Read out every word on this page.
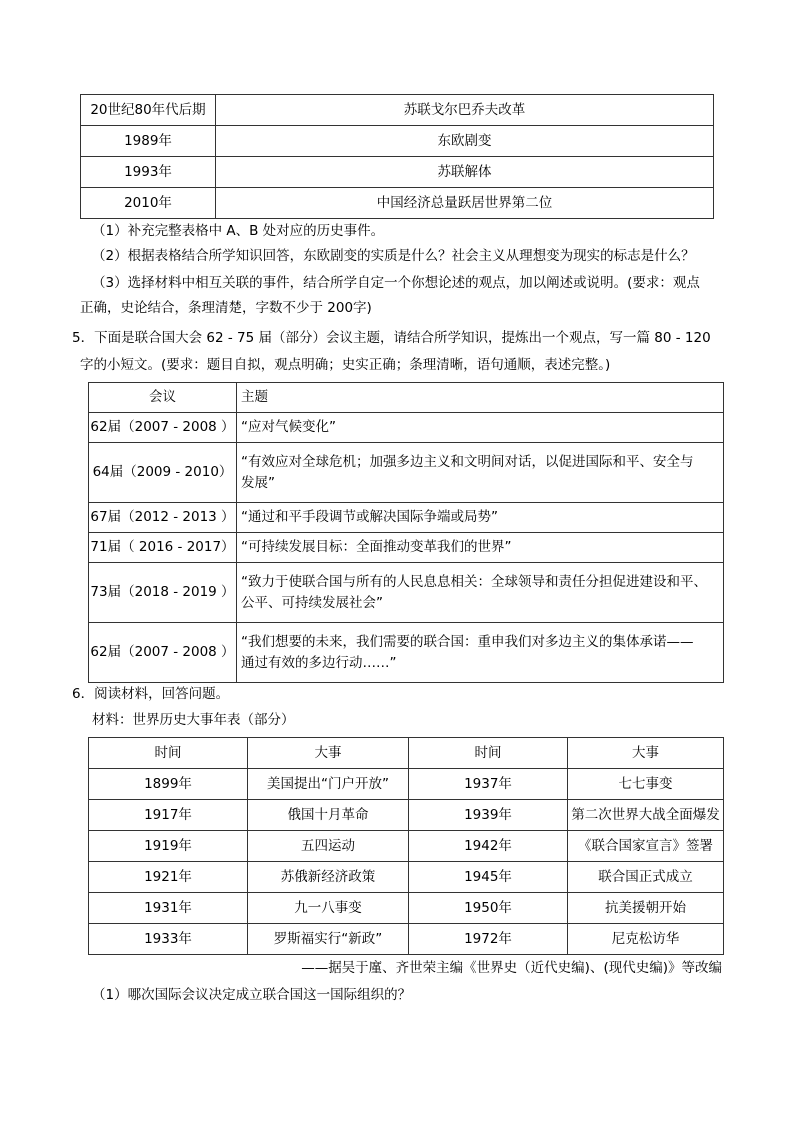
20世纪80年代后期	苏联戈尔巴乔夫改革
1989年	东欧剧变
1993年	苏联解体
2010年	中国经济总量跃居世界第二位

（1）补充完整表格中 A、B 处对应的历史事件。

（2）根据表格结合所学知识回答，东欧剧变的实质是什么？社会主义从理想变为现实的标志是什么？

（3）选择材料中相互关联的事件，结合所学自定一个你想论述的观点，加以阐述或说明。(要求：观点

正确，史论结合，条理清楚，字数不少于 200字)

5．下面是联合国大会 62 - 75 届（部分）会议主题，请结合所学知识，提炼出一个观点，写一篇 80 - 120

字的小短文。(要求：题目自拟，观点明确；史实正确；条理清晰，语句通顺，表述完整。)

会议	主题
62届（2007 - 2008 ）	“应对气候变化”
64届（2009 - 2010）	“有效应对全球危机；加强多边主义和文明间对话，以促进国际和平、安全与
发展”
67届（2012 - 2013 ）	“通过和平手段调节或解决国际争端或局势”
71届（ 2016 - 2017）	“可持续发展目标：全面推动变革我们的世界”
73届（2018 - 2019 ）	“致力于使联合国与所有的人民息息相关：全球领导和责任分担促进建设和平、
公平、可持续发展社会”
62届（2007 - 2008 ）	“我们想要的未来，我们需要的联合国：重申我们对多边主义的集体承诺——
通过有效的多边行动……”

6．阅读材料，回答问题。

材料：世界历史大事年表（部分）

时间	大事	时间	大事
1899年	美国提出“门户开放”	1937年	七七事变
1917年	俄国十月革命	1939年	第二次世界大战全面爆发
1919年	五四运动	1942年	《联合国家宣言》签署
1921年	苏俄新经济政策	1945年	联合国正式成立
1931年	九一八事变	1950年	抗美援朝开始
1933年	罗斯福实行“新政”	1972年	尼克松访华

——据吴于廑、齐世荣主编《世界史（近代史编)、(现代史编)》等改编

（1）哪次国际会议决定成立联合国这一国际组织的？
